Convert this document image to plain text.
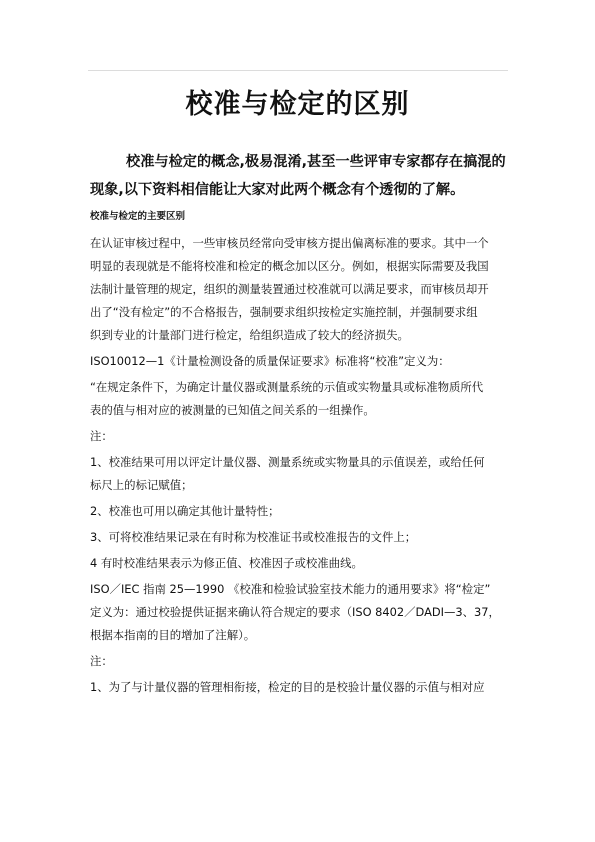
校准与检定的区别
校准与检定的概念,极易混淆,甚至一些评审专家都存在搞混的
现象,以下资料相信能让大家对此两个概念有个透彻的了解。
校准与检定的主要区别

在认证审核过程中，一些审核员经常向受审核方提出偏离标准的要求。其中一个

明显的表现就是不能将校准和检定的概念加以区分。例如，根据实际需要及我国

法制计量管理的规定，组织的测量装置通过校准就可以满足要求，而审核员却开

出了“没有检定”的不合格报告，强制要求组织按检定实施控制，并强制要求组

织到专业的计量部门进行检定，给组织造成了较大的经济损失。

ISO10012—1《计量检测设备的质量保证要求》标准将“校准”定义为：

“在规定条件下，为确定计量仪器或测量系统的示值或实物量具或标准物质所代

表的值与相对应的被测量的已知值之间关系的一组操作。

注：

1、校准结果可用以评定计量仪器、测量系统或实物量具的示值误差，或给任何

标尺上的标记赋值；

2、校准也可用以确定其他计量特性；

3、可将校准结果记录在有时称为校准证书或校准报告的文件上；

4 有时校准结果表示为修正值、校准因子或校准曲线。

ISO／IEC 指南 25—1990 《校准和检验试验室技术能力的通用要求》将“检定”

定义为：通过校验提供证据来确认符合规定的要求（ISO 8402／DADI—3、37，

根据本指南的目的增加了注解）。

注：

1、为了与计量仪器的管理相衔接，检定的目的是校验计量仪器的示值与相对应
